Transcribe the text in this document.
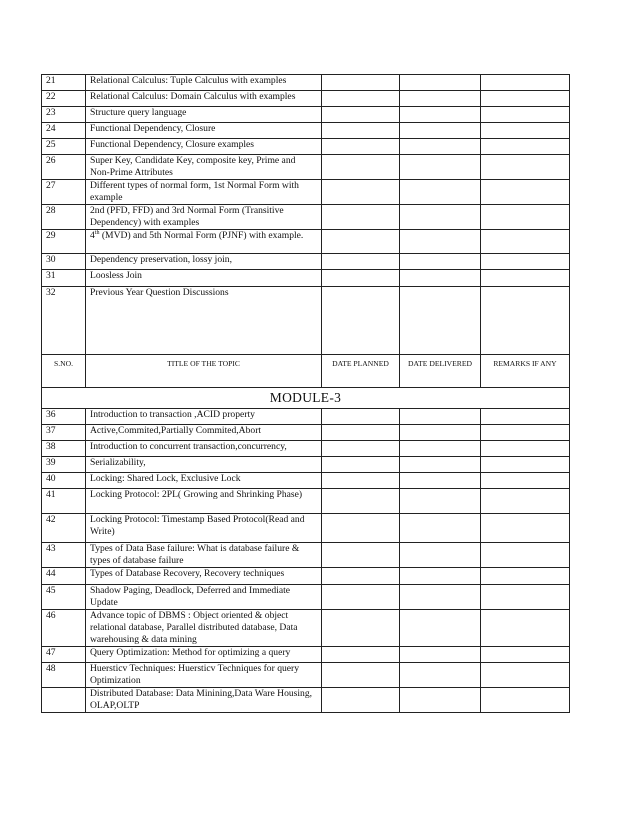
21	Relational Calculus: Tuple Calculus with examples			
22	Relational Calculus: Domain Calculus with examples			
23	Structure query language			
24	Functional Dependency, Closure			
25	Functional Dependency, Closure examples			
26	Super Key, Candidate Key, composite key, Prime and Non-Prime Attributes			
27	Different types of normal form, 1st Normal Form with example			
28	2nd (PFD, FFD) and 3rd Normal Form (Transitive Dependency) with examples			
29	4th (MVD) and 5th Normal Form (PJNF) with example.			
30	Dependency preservation, lossy join,			
31	Loosless Join			
32	Previous Year Question Discussions			
S.NO.	TITLE OF THE TOPIC	DATE PLANNED	DATE DELIVERED	REMARKS IF ANY
MODULE-3				
36	Introduction to transaction ,ACID property			
37	Active,Commited,Partially Commited,Abort			
38	Introduction to concurrent transaction,concurrency,			
39	Serializability,			
40	Locking: Shared Lock, Exclusive Lock			
41	Locking Protocol: 2PL( Growing and Shrinking Phase)			
42	Locking Protocol: Timestamp Based Protocol(Read and Write)			
43	Types of Data Base failure: What is database failure & types of database failure			
44	Types of Database Recovery, Recovery techniques			
45	Shadow Paging, Deadlock, Deferred and Immediate Update			
46	Advance topic of DBMS : Object oriented & object relational database, Parallel distributed database, Data warehousing & data mining			
47	Query Optimization: Method for optimizing a query			
48	Huersticv Techniques: Huersticv Techniques for query Optimization			
	Distributed Database: Data Minining,Data Ware Housing, OLAP,OLTP			
